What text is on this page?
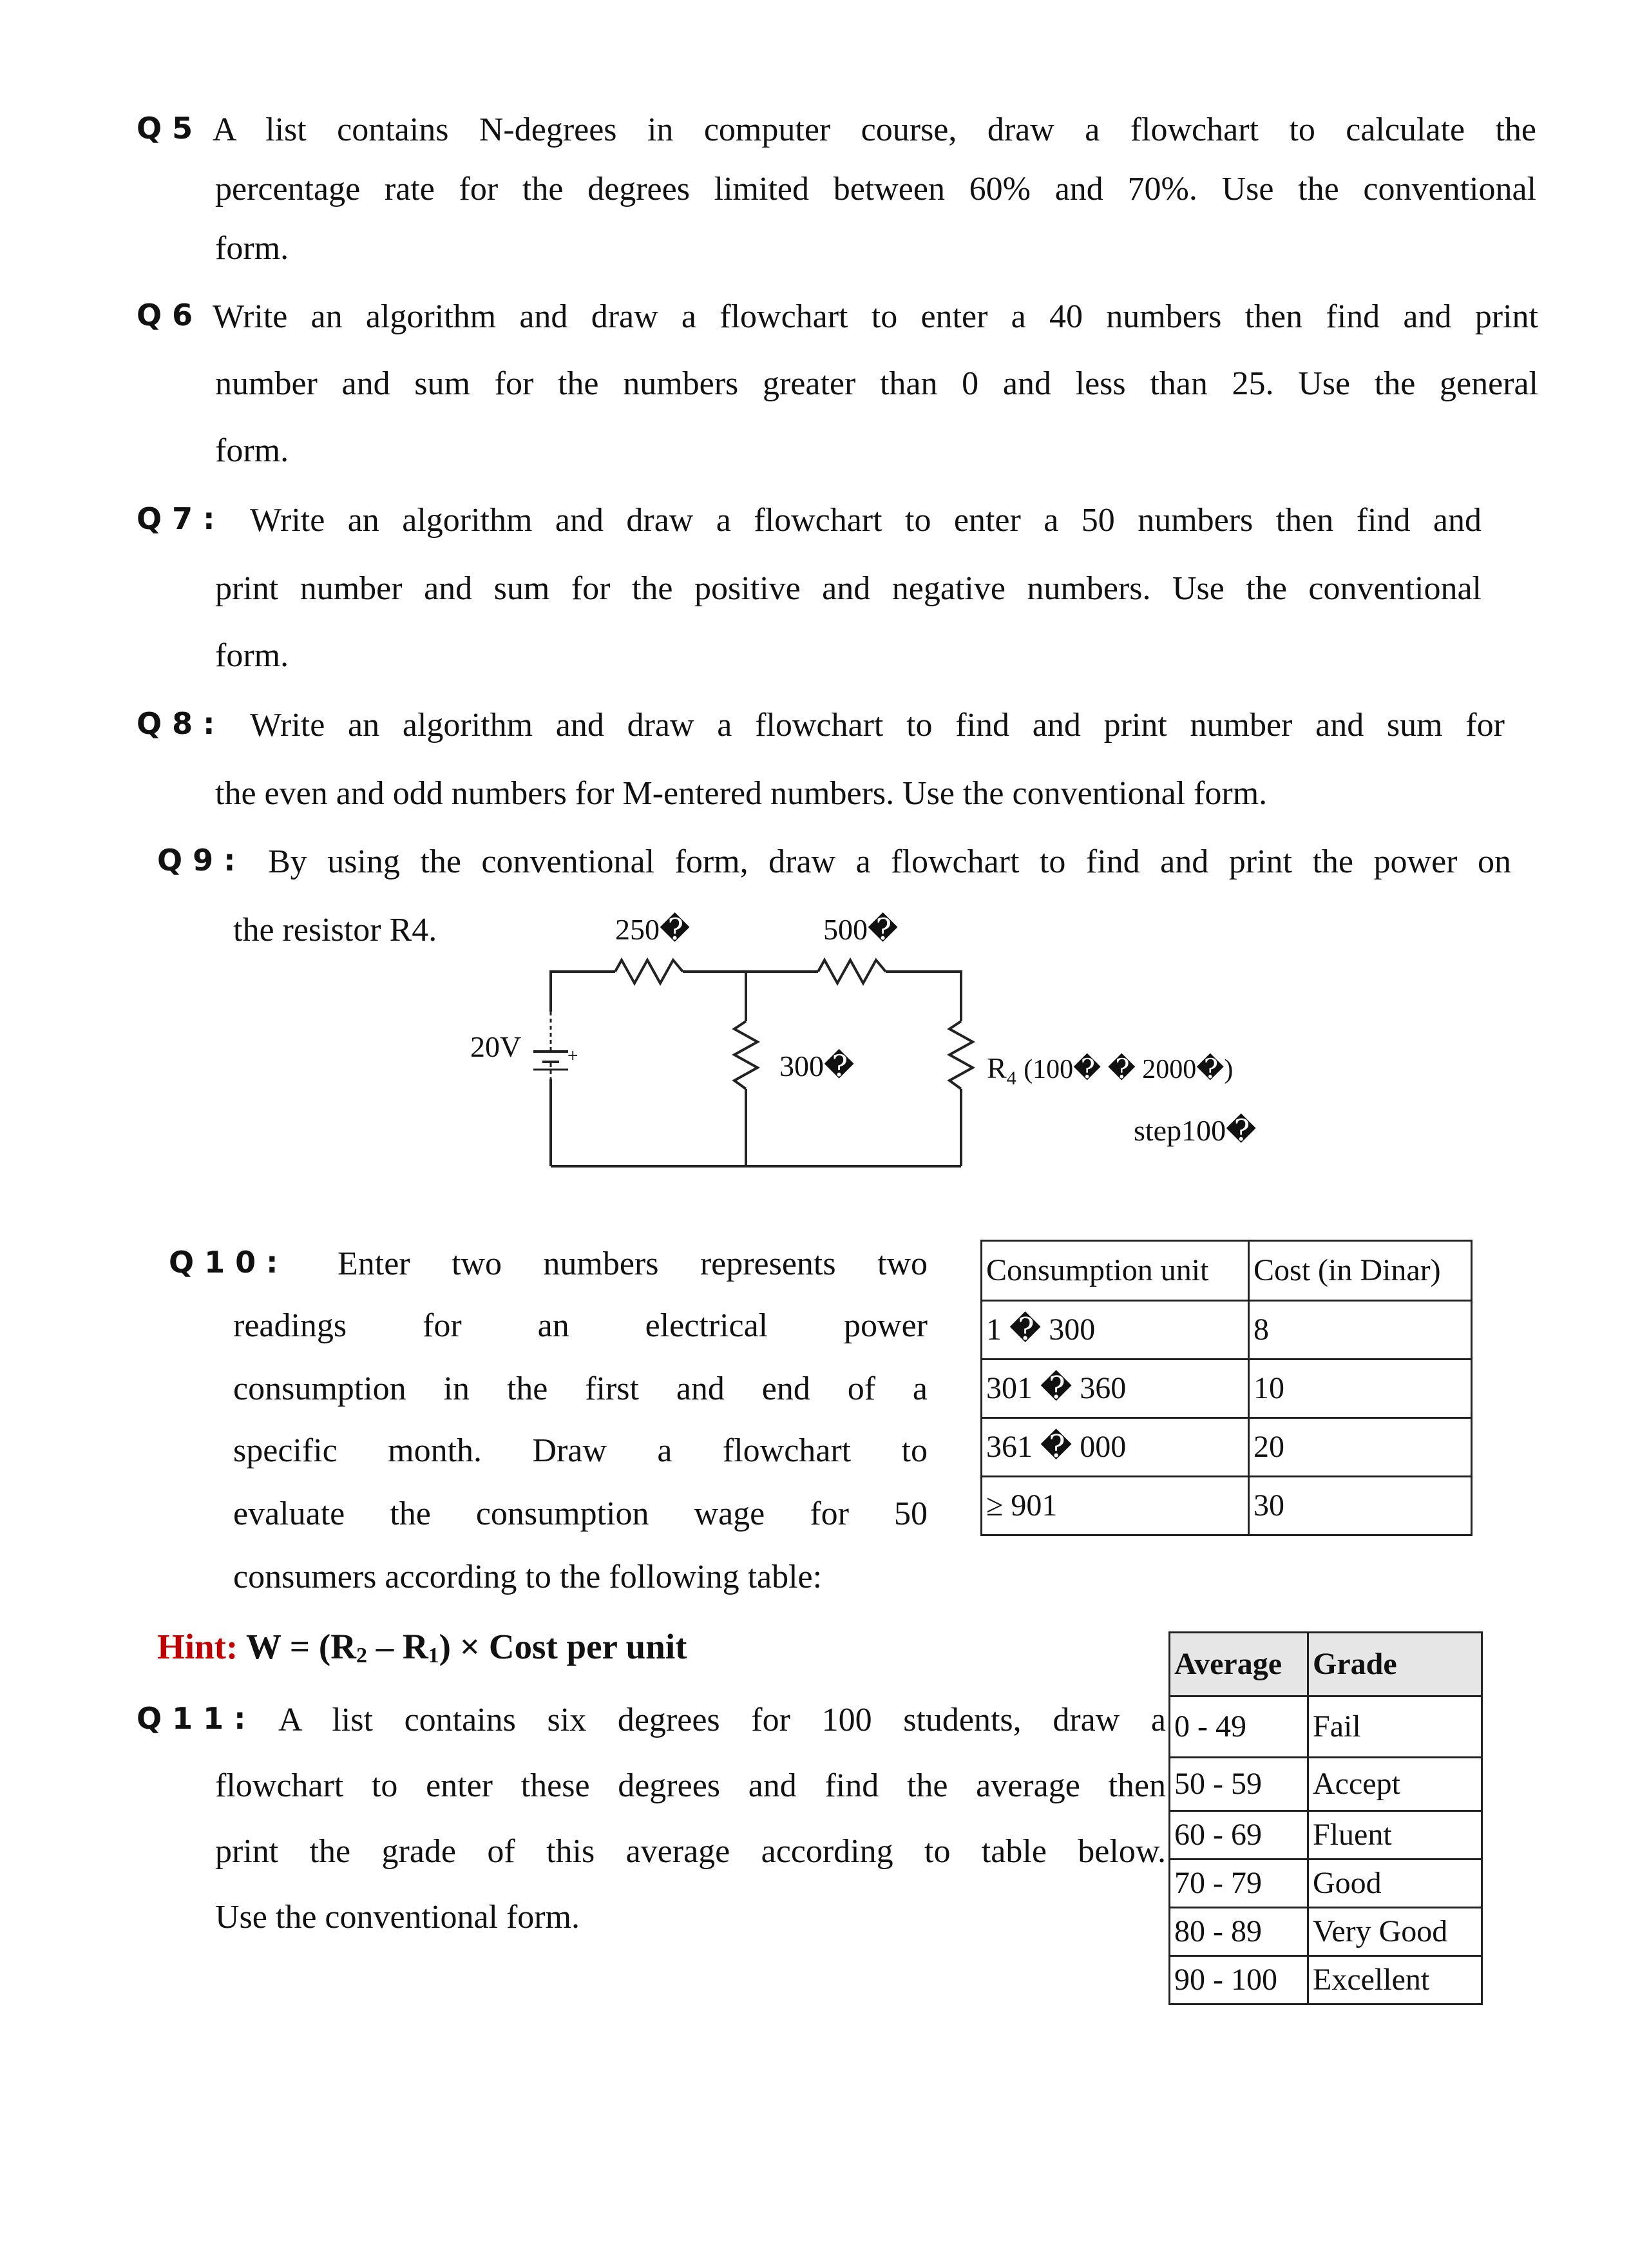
Q 5 A list contains N-degrees in computer course, draw a flowchart to calculate the
percentage rate for the degrees limited between 60% and 70%. Use the conventional
form.
Q 6 Write an algorithm and draw a flowchart to enter a 40 numbers then find and print
number and sum for the numbers greater than 0 and less than 25. Use the general
form.
Q 7 : Write an algorithm and draw a flowchart to enter a 50 numbers then find and
print number and sum for the positive and negative numbers. Use the conventional
form.
Q 8 : Write an algorithm and draw a flowchart to find and print number and sum for
the even and odd numbers for M-entered numbers. Use the conventional form.
Q 9 : By using the conventional form, draw a flowchart to find and print the power on
the resistor R4.
+
250�	500�
20V
300�	$R_4$ (100� � 2000�)
step100�
Q 1 0 : Enter two numbers represents two
readings for an electrical power
consumption in the first and end of a
specific month. Draw a flowchart to
evaluate the consumption wage for 50
consumers according to the following table:
Consumption unit	Cost (in Dinar)
1 � 300	8
301 � 360	10
361 � 000	20
≥ 901	30
Hint: $W = (R_2 - R_1)$ × Cost per unit
Q 1 1 : A list contains six degrees for 100 students, draw a
flowchart to enter these degrees and find the average then
print the grade of this average according to table below.
Use the conventional form.
Average	Grade
0 - 49	Fail
50 - 59	Accept
60 - 69	Fluent
70 - 79	Good
80 - 89	Very Good
90 - 100	Excellent
